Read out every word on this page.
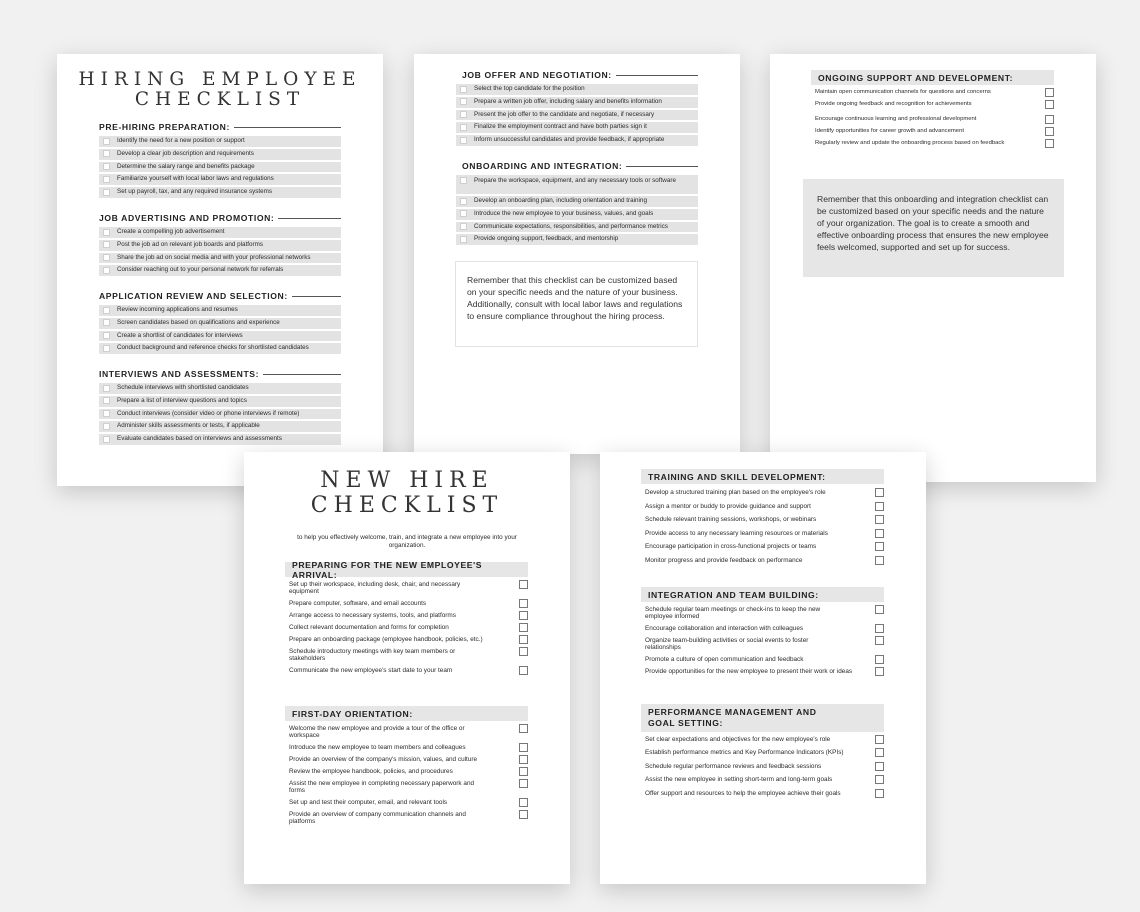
HIRING EMPLOYEE
CHECKLIST
PRE-HIRING PREPARATION:
Identify the need for a new position or support
Develop a clear job description and requirements
Determine the salary range and benefits package
Familiarize yourself with local labor laws and regulations
Set up payroll, tax, and any required insurance systems
JOB ADVERTISING AND PROMOTION:
Create a compelling job advertisement
Post the job ad on relevant job boards and platforms
Share the job ad on social media and with your professional networks
Consider reaching out to your personal network for referrals
APPLICATION REVIEW AND SELECTION:
Review incoming applications and resumes
Screen candidates based on qualifications and experience
Create a shortlist of candidates for interviews
Conduct background and reference checks for shortlisted candidates
INTERVIEWS AND ASSESSMENTS:
Schedule interviews with shortlisted candidates
Prepare a list of interview questions and topics
Conduct interviews (consider video or phone interviews if remote)
Administer skills assessments or tests, if applicable
Evaluate candidates based on interviews and assessments
JOB OFFER AND NEGOTIATION:
Select the top candidate for the position
Prepare a written job offer, including salary and benefits information
Present the job offer to the candidate and negotiate, if necessary
Finalize the employment contract and have both parties sign it
Inform unsuccessful candidates and provide feedback, if appropriate
ONBOARDING AND INTEGRATION:
Prepare the workspace, equipment, and any necessary tools or software
Develop an onboarding plan, including orientation and training
Introduce the new employee to your business, values, and goals
Communicate expectations, responsibilities, and performance metrics
Provide ongoing support, feedback, and mentorship
Remember that this checklist can be customized based on your specific needs and the nature of your business. Additionally, consult with local labor laws and regulations to ensure compliance throughout the hiring process.
ONGOING SUPPORT AND DEVELOPMENT:
Maintain open communication channels for questions and concerns
Provide ongoing feedback and recognition for achievements
Encourage continuous learning and professional development
Identify opportunities for career growth and advancement
Regularly review and update the onboarding process based on feedback
Remember that this onboarding and integration checklist can be customized based on your specific needs and the nature of your organization. The goal is to create a smooth and effective onboarding process that ensures the new employee feels welcomed, supported and set up for success.
NEW HIRE
CHECKLIST
to help you effectively welcome, train, and integrate a new employee into your organization.
PREPARING FOR THE NEW EMPLOYEE'S ARRIVAL:
Set up their workspace, including desk, chair, and necessary equipment
Prepare computer, software, and email accounts
Arrange access to necessary systems, tools, and platforms
Collect relevant documentation and forms for completion
Prepare an onboarding package (employee handbook, policies, etc.)
Schedule introductory meetings with key team members or stakeholders
Communicate the new employee's start date to your team
FIRST-DAY ORIENTATION:
Welcome the new employee and provide a tour of the office or workspace
Introduce the new employee to team members and colleagues
Provide an overview of the company's mission, values, and culture
Review the employee handbook, policies, and procedures
Assist the new employee in completing necessary paperwork and forms
Set up and test their computer, email, and relevant tools
Provide an overview of company communication channels and platforms
TRAINING AND SKILL DEVELOPMENT:
Develop a structured training plan based on the employee's role
Assign a mentor or buddy to provide guidance and support
Schedule relevant training sessions, workshops, or webinars
Provide access to any necessary learning resources or materials
Encourage participation in cross-functional projects or teams
Monitor progress and provide feedback on performance
INTEGRATION AND TEAM BUILDING:
Schedule regular team meetings or check-ins to keep the new employee informed
Encourage collaboration and interaction with colleagues
Organize team-building activities or social events to foster relationships
Promote a culture of open communication and feedback
Provide opportunities for the new employee to present their work or ideas
PERFORMANCE MANAGEMENT AND GOAL SETTING:
Set clear expectations and objectives for the new employee's role
Establish performance metrics and Key Performance Indicators (KPIs)
Schedule regular performance reviews and feedback sessions
Assist the new employee in setting short-term and long-term goals
Offer support and resources to help the employee achieve their goals
